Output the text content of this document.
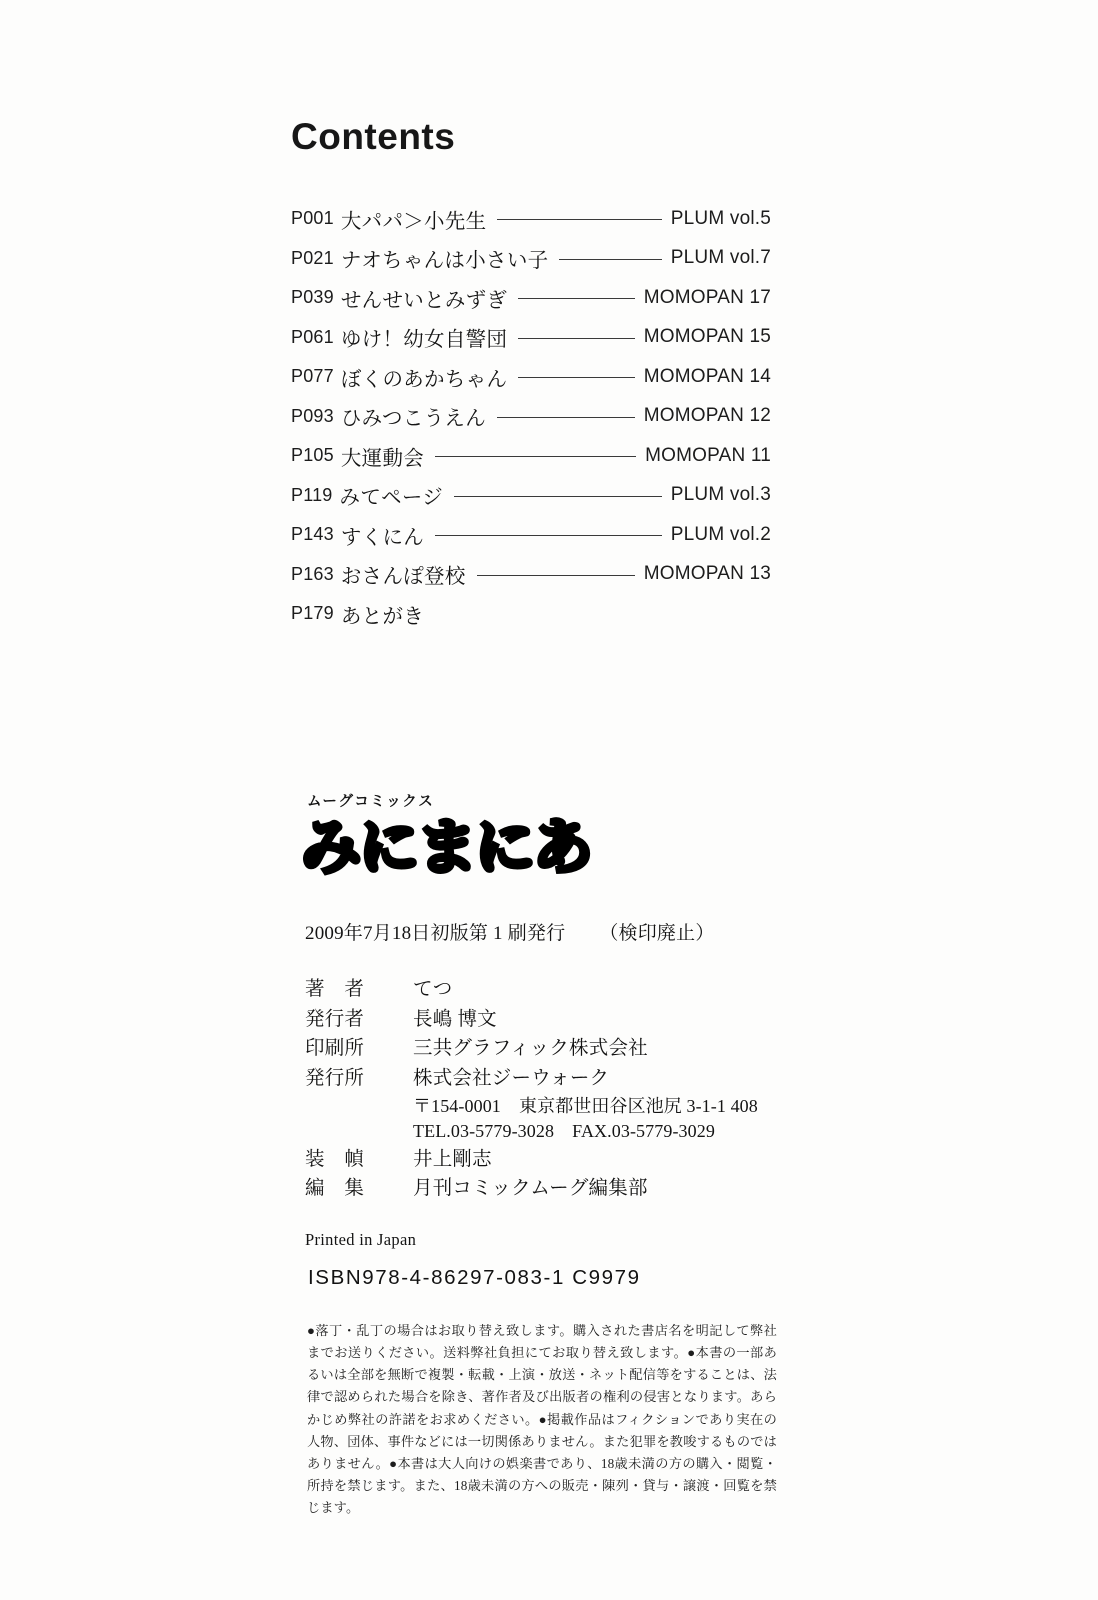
Contents
P001 大パパ＞小先生	PLUM vol.5
P021 ナオちゃんは小さい子	PLUM vol.7
P039 せんせいとみずぎ	MOMOPAN 17
P061 ゆけ！幼女自警団	MOMOPAN 15
P077 ぼくのあかちゃん	MOMOPAN 14
P093 ひみつこうえん	MOMOPAN 12
P105 大運動会	MOMOPAN 11
P119 みてページ	PLUM vol.3
P143 すくにん	PLUM vol.2
P163 おさんぽ登校	MOMOPAN 13
P179 あとがき
ムーグコミックス
みにまにあ
2009年7月18日初版第 1 刷発行 （検印廃止）
著　者	てつ
発行者	長嶋 博文
印刷所	三共グラフィック株式会社
発行所	株式会社ジーウォーク
〒154-0001　東京都世田谷区池尻 3-1-1 408
TEL.03-5779-3028　FAX.03-5779-3029
装　幀	井上剛志
編　集	月刊コミックムーグ編集部
Printed in Japan
ISBN978-4-86297-083-1 C9979

●落丁・乱丁の場合はお取り替え致します。購入された書店名を明記して弊社までお送りください。送料弊社負担にてお取り替え致します。●本書の一部あるいは全部を無断で複製・転載・上演・放送・ネット配信等をすることは、法律で認められた場合を除き、著作者及び出版者の権利の侵害となります。あらかじめ弊社の許諾をお求めください。●掲載作品はフィクションであり実在の人物、団体、事件などには一切関係ありません。また犯罪を教唆するものではありません。●本書は大人向けの娯楽書であり、18歳未満の方の購入・閲覧・所持を禁じます。また、18歳未満の方への販売・陳列・貸与・譲渡・回覧を禁じます。
